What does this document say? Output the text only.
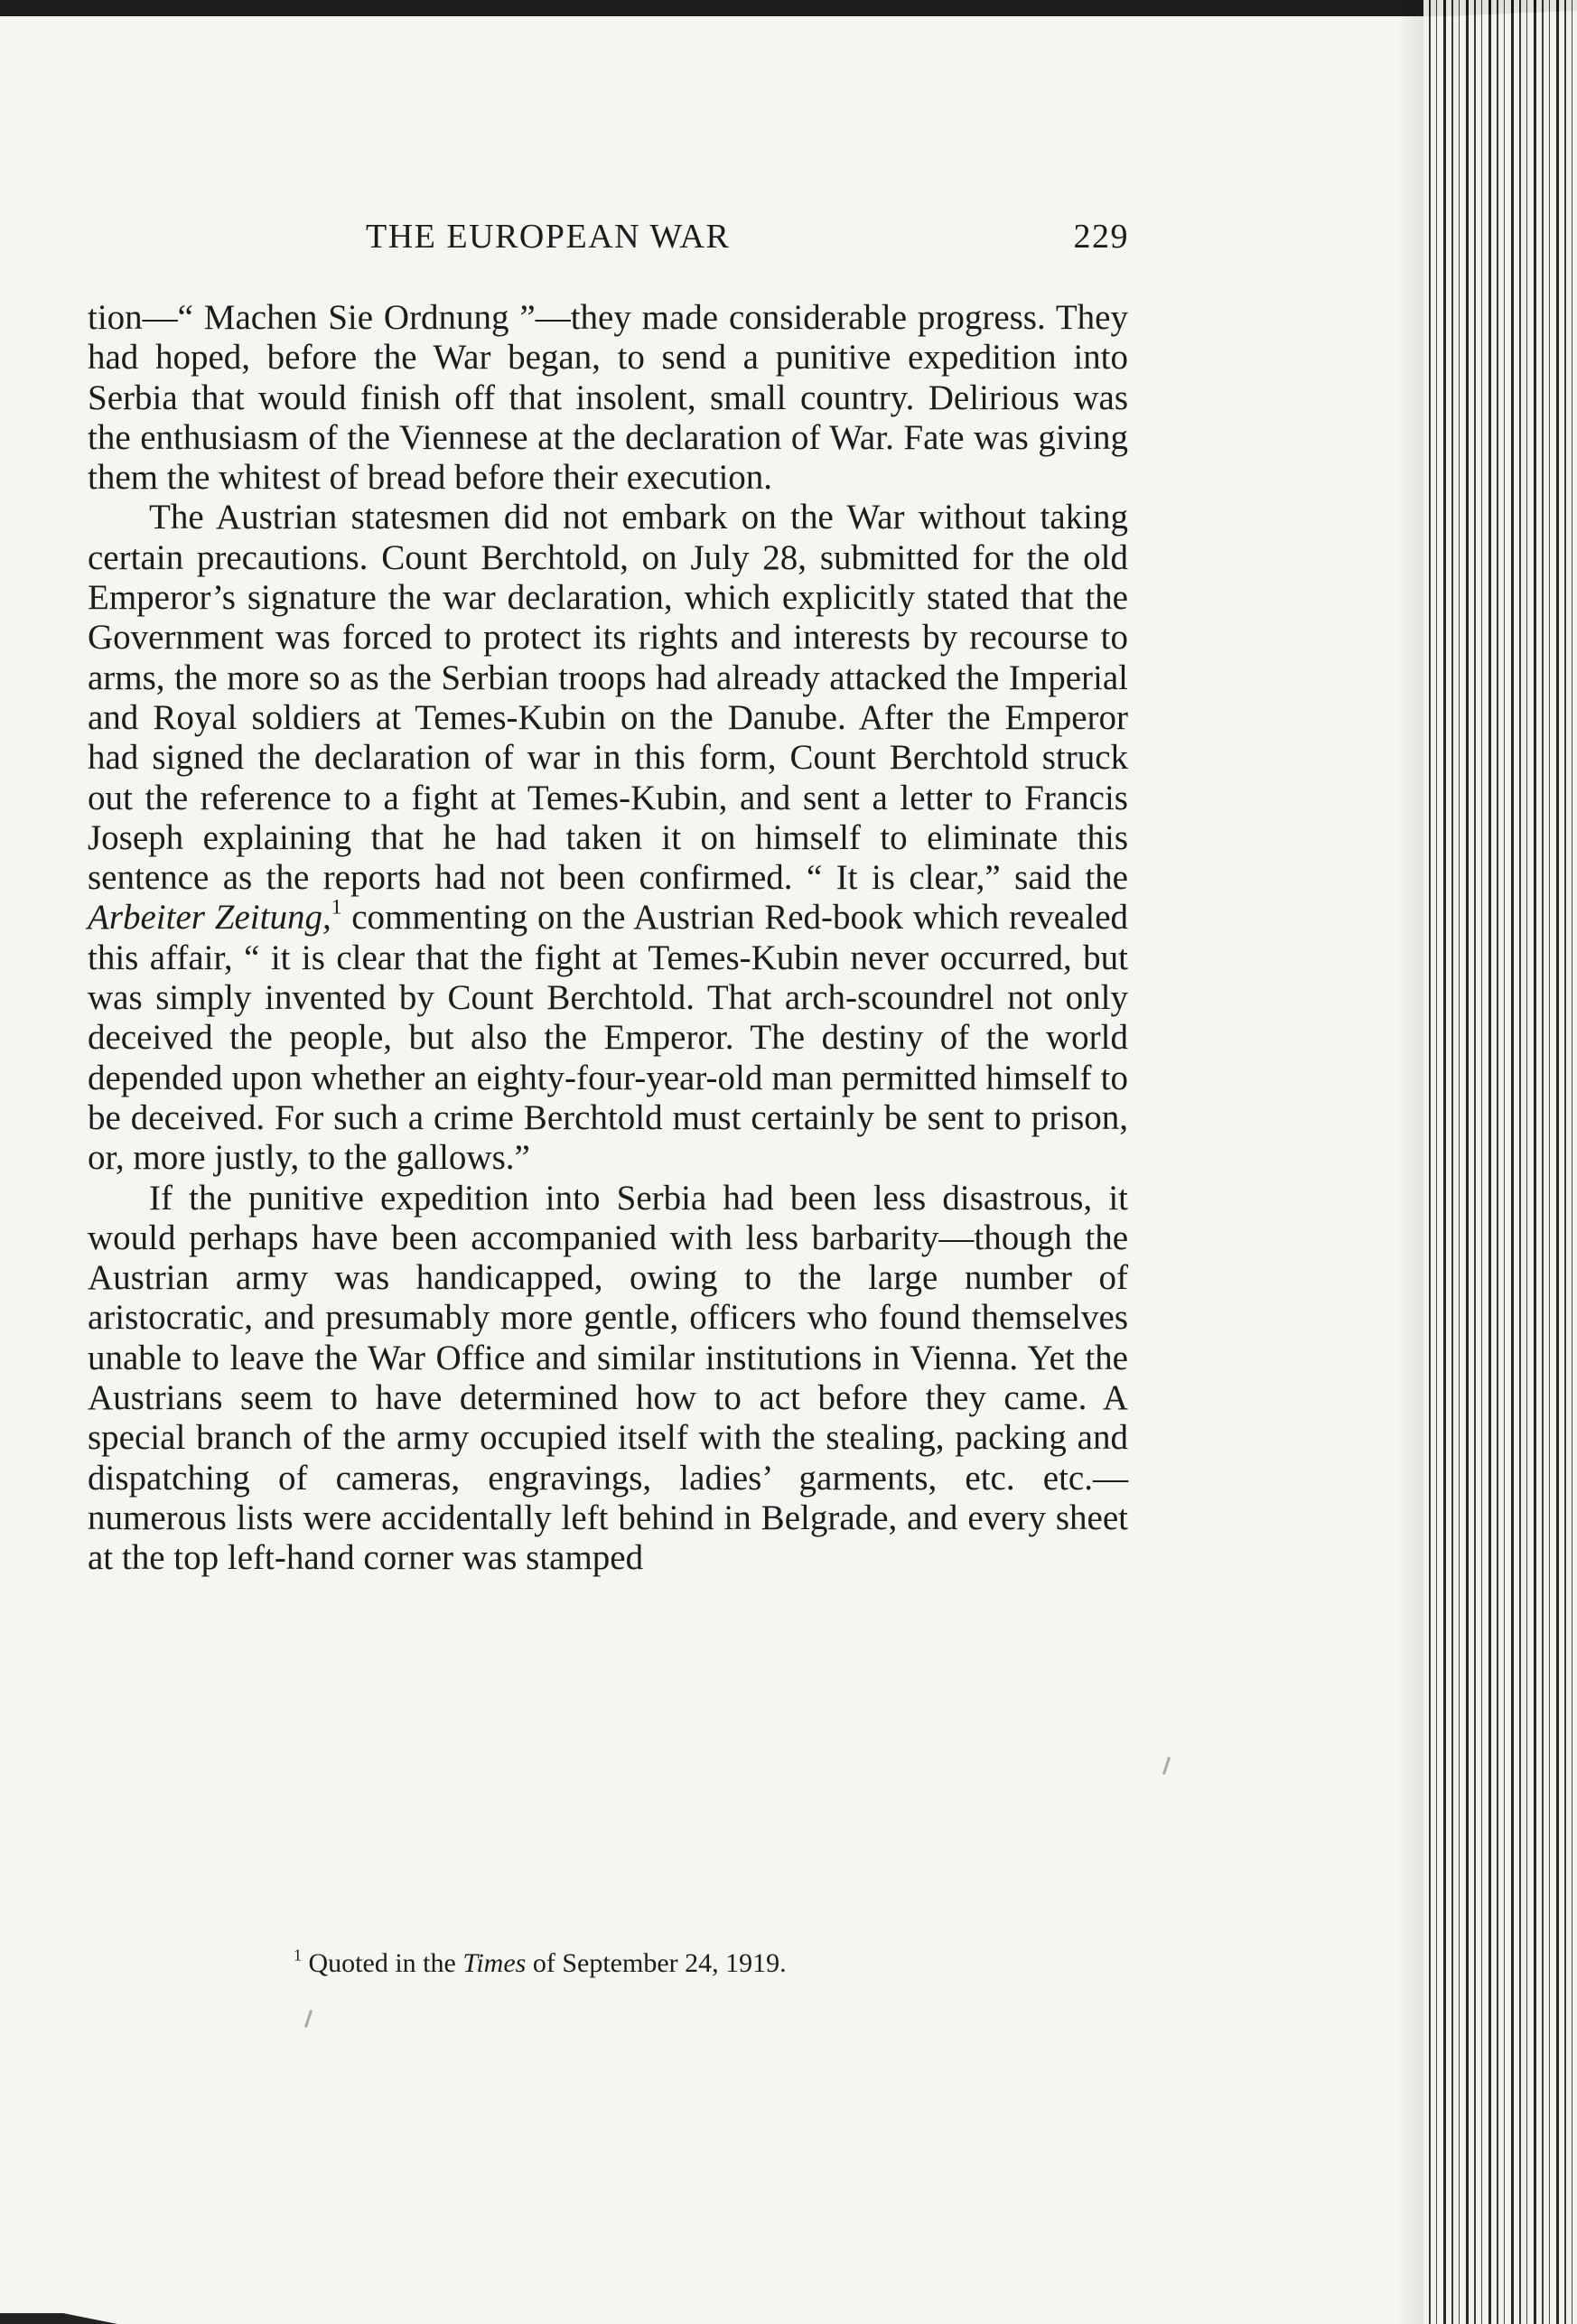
THE EUROPEAN WAR	229

tion—“ Machen Sie Ordnung ”—they made considerable progress. They had hoped, before the War began, to send a punitive expedition into Serbia that would finish off that insolent, small country. Delirious was the enthusiasm of the Viennese at the declaration of War. Fate was giving them the whitest of bread before their execution.

The Austrian statesmen did not embark on the War without taking certain precautions. Count Berchtold, on July 28, submitted for the old Emperor’s signature the war declaration, which explicitly stated that the Government was forced to protect its rights and interests by recourse to arms, the more so as the Serbian troops had already attacked the Imperial and Royal soldiers at Temes-Kubin on the Danube. After the Emperor had signed the declaration of war in this form, Count Berchtold struck out the reference to a fight at Temes-Kubin, and sent a letter to Francis Joseph explaining that he had taken it on himself to eliminate this sentence as the reports had not been confirmed. “ It is clear,” said the Arbeiter Zeitung,$^1$ commenting on the Austrian Red-book which revealed this affair, “ it is clear that the fight at Temes-Kubin never occurred, but was simply invented by Count Berchtold. That arch-scoundrel not only deceived the people, but also the Emperor. The destiny of the world depended upon whether an eighty-four-year-old man permitted himself to be deceived. For such a crime Berchtold must certainly be sent to prison, or, more justly, to the gallows.”

If the punitive expedition into Serbia had been less disastrous, it would perhaps have been accompanied with less barbarity—though the Austrian army was handicapped, owing to the large number of aristocratic, and presumably more gentle, officers who found themselves unable to leave the War Office and similar institutions in Vienna. Yet the Austrians seem to have determined how to act before they came. A special branch of the army occupied itself with the stealing, packing and dispatching of cameras, engravings, ladies’ garments, etc. etc.—numerous lists were accidentally left behind in Belgrade, and every sheet at the top left-hand corner was stamped

$^1$ Quoted in the Times of September 24, 1919.
